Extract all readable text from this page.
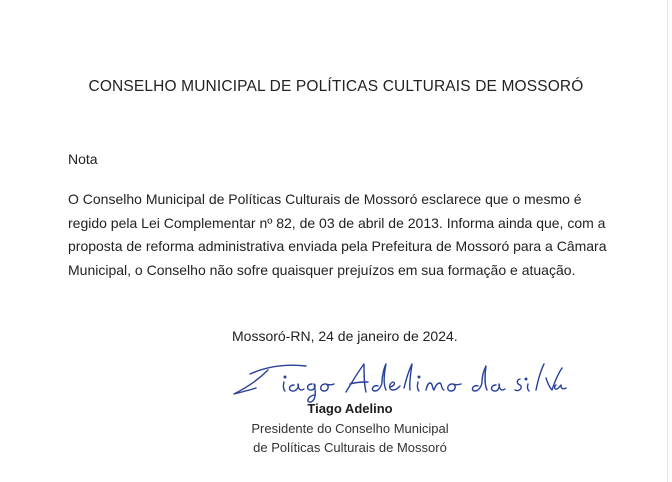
CONSELHO MUNICIPAL DE POLÍTICAS CULTURAIS DE MOSSORÓ
Nota
O Conselho Municipal de Políticas Culturais de Mossoró esclarece que o mesmo é
regido pela Lei Complementar nº 82, de 03 de abril de 2013. Informa ainda que, com a
proposta de reforma administrativa enviada pela Prefeitura de Mossoró para a Câmara
Municipal, o Conselho não sofre quaisquer prejuízos em sua formação e atuação.
Mossoró-RN, 24 de janeiro de 2024.
Tiago Adelino
Presidente do Conselho Municipal
de Políticas Culturais de Mossoró
